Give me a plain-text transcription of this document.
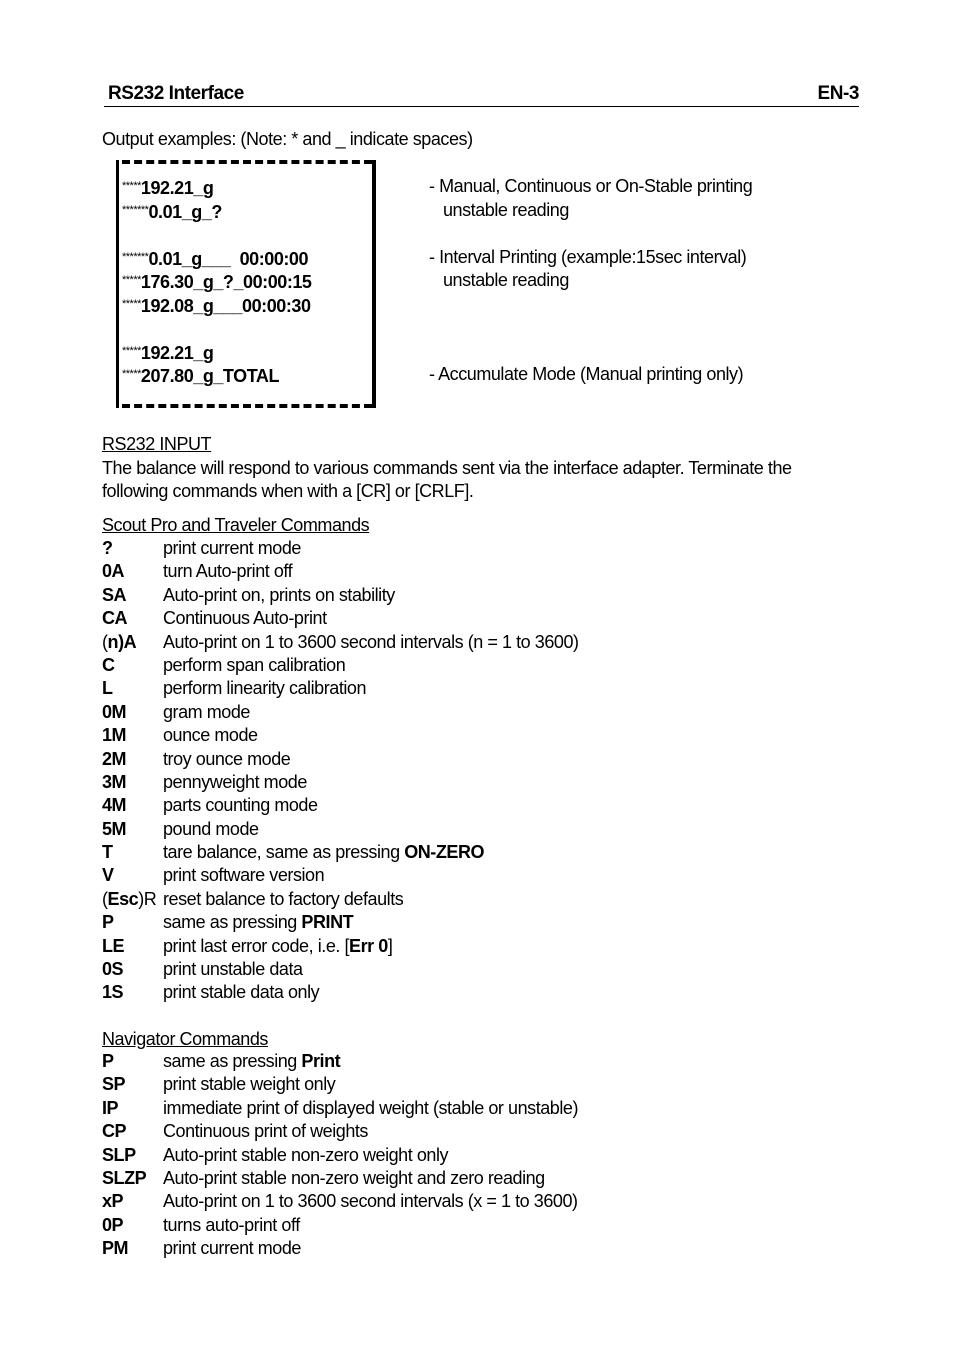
RS232 Interface	EN-3
Output examples: (Note: * and _ indicate spaces)
*****192.21_g
*******0.01_g_?
*******0.01_g___  00:00:00
*****176.30_g_?_00:00:15
*****192.08_g___00:00:30
*****192.21_g
*****207.80_g_TOTAL
- Manual, Continuous or On-Stable printing
unstable reading
- Interval Printing (example:15sec interval)
unstable reading
- Accumulate Mode (Manual printing only)
RS232 INPUT
The balance will respond to various commands sent via the interface adapter. Terminate the
following commands when with a [CR] or [CRLF].
Scout Pro and Traveler Commands
?	print current mode
0A turn Auto-print off
SA Auto-print on, prints on stability
CA Continuous Auto-print
(n)A Auto-print on 1 to 3600 second intervals (n = 1 to 3600)
C	perform span calibration
L	perform linearity calibration
0M gram mode
1M ounce mode
2M troy ounce mode
3M pennyweight mode
4M parts counting mode
5M pound mode
T	tare balance, same as pressing ON-ZERO
V	print software version
(Esc)R reset balance to factory defaults
P	same as pressing PRINT
LE print last error code, i.e. [Err 0]
0S print unstable data
1S print stable data only
Navigator Commands
P	same as pressing Print
SP print stable weight only
IP immediate print of displayed weight (stable or unstable)
CP Continuous print of weights
SLP Auto-print stable non-zero weight only
SLZP Auto-print stable non-zero weight and zero reading
xP Auto-print on 1 to 3600 second intervals (x = 1 to 3600)
0P turns auto-print off
PM print current mode
